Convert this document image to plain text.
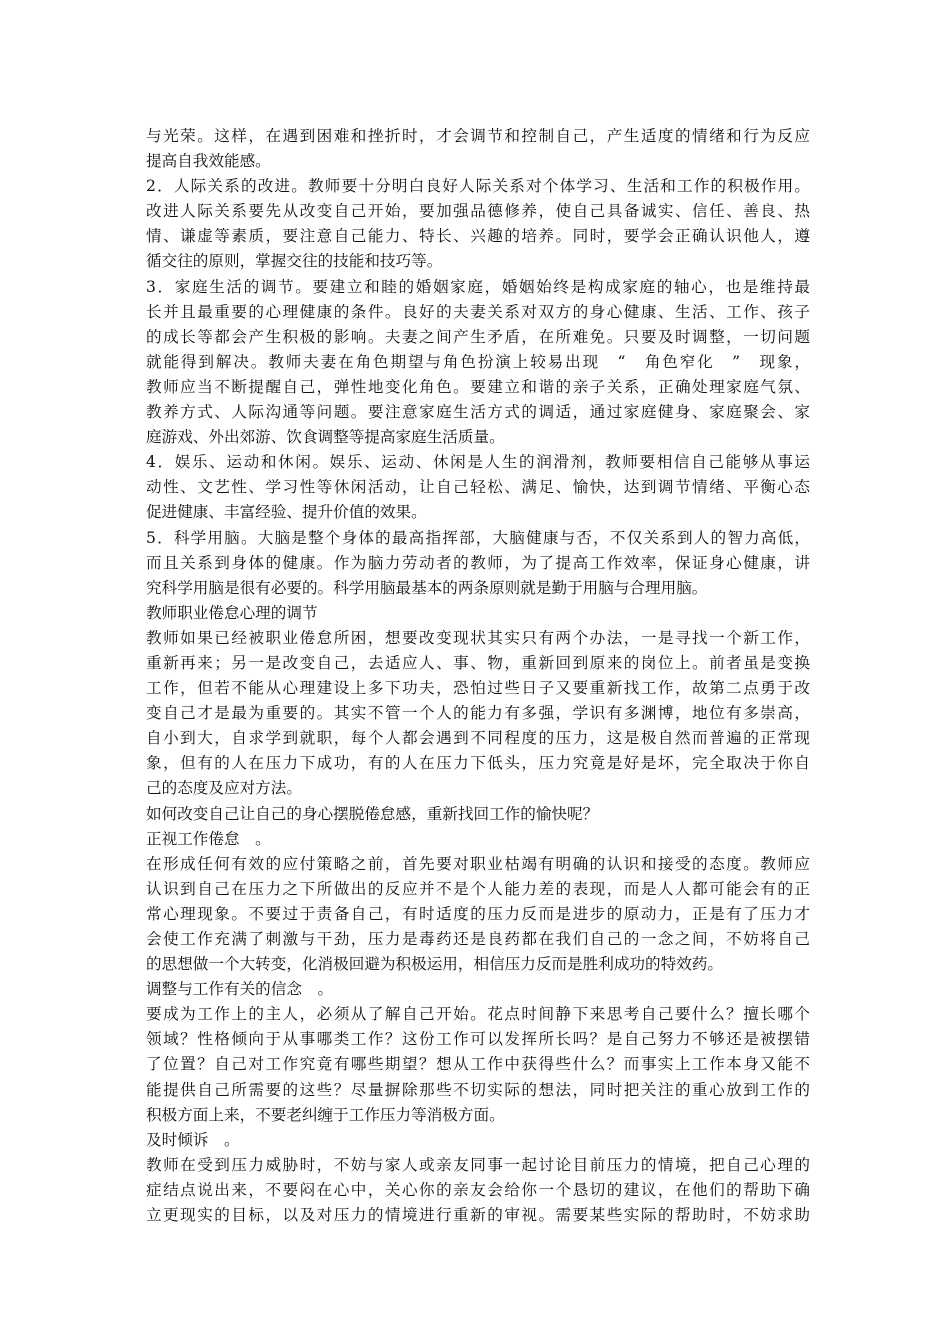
与光荣。这样，在遇到困难和挫折时，才会调节和控制自己，产生适度的情绪和行为反应
提高自我效能感。
2．人际关系的改进。教师要十分明白良好人际关系对个体学习、生活和工作的积极作用。
改进人际关系要先从改变自己开始，要加强品德修养，使自己具备诚实、信任、善良、热
情、谦虚等素质，要注意自己能力、特长、兴趣的培养。同时，要学会正确认识他人，遵
循交往的原则，掌握交往的技能和技巧等。
3．家庭生活的调节。要建立和睦的婚姻家庭，婚姻始终是构成家庭的轴心，也是维持最
长并且最重要的心理健康的条件。良好的夫妻关系对双方的身心健康、生活、工作、孩子
的成长等都会产生积极的影响。夫妻之间产生矛盾，在所难免。只要及时调整，一切问题
就能得到解决。教师夫妻在角色期望与角色扮演上较易出现　“　角色窄化　”　现象，
教师应当不断提醒自己，弹性地变化角色。要建立和谐的亲子关系，正确处理家庭气氛、
教养方式、人际沟通等问题。要注意家庭生活方式的调适，通过家庭健身、家庭聚会、家
庭游戏、外出郊游、饮食调整等提高家庭生活质量。
4．娱乐、运动和休闲。娱乐、运动、休闲是人生的润滑剂，教师要相信自己能够从事运
动性、文艺性、学习性等休闲活动，让自己轻松、满足、愉快，达到调节情绪、平衡心态
促进健康、丰富经验、提升价值的效果。
5．科学用脑。大脑是整个身体的最高指挥部，大脑健康与否，不仅关系到人的智力高低，
而且关系到身体的健康。作为脑力劳动者的教师，为了提高工作效率，保证身心健康，讲
究科学用脑是很有必要的。科学用脑最基本的两条原则就是勤于用脑与合理用脑。
教师职业倦怠心理的调节
教师如果已经被职业倦怠所困，想要改变现状其实只有两个办法，一是寻找一个新工作，
重新再来；另一是改变自己，去适应人、事、物，重新回到原来的岗位上。前者虽是变换
工作，但若不能从心理建设上多下功夫，恐怕过些日子又要重新找工作，故第二点勇于改
变自己才是最为重要的。其实不管一个人的能力有多强，学识有多渊博，地位有多崇高，
自小到大，自求学到就职，每个人都会遇到不同程度的压力，这是极自然而普遍的正常现
象，但有的人在压力下成功，有的人在压力下低头，压力究竟是好是坏，完全取决于你自
己的态度及应对方法。
如何改变自己让自己的身心摆脱倦怠感，重新找回工作的愉快呢？
正视工作倦怠　。
在形成任何有效的应付策略之前，首先要对职业枯竭有明确的认识和接受的态度。教师应
认识到自己在压力之下所做出的反应并不是个人能力差的表现，而是人人都可能会有的正
常心理现象。不要过于责备自己，有时适度的压力反而是进步的原动力，正是有了压力才
会使工作充满了刺激与干劲，压力是毒药还是良药都在我们自己的一念之间，不妨将自己
的思想做一个大转变，化消极回避为积极运用，相信压力反而是胜利成功的特效药。
调整与工作有关的信念　。
要成为工作上的主人，必须从了解自己开始。花点时间静下来思考自己要什么？擅长哪个
领域？性格倾向于从事哪类工作？这份工作可以发挥所长吗？是自己努力不够还是被摆错
了位置？自己对工作究竟有哪些期望？想从工作中获得些什么？而事实上工作本身又能不
能提供自己所需要的这些？尽量摒除那些不切实际的想法，同时把关注的重心放到工作的
积极方面上来，不要老纠缠于工作压力等消极方面。
及时倾诉　。
教师在受到压力威胁时，不妨与家人或亲友同事一起讨论目前压力的情境，把自己心理的
症结点说出来，不要闷在心中，关心你的亲友会给你一个恳切的建议，在他们的帮助下确
立更现实的目标，以及对压力的情境进行重新的审视。需要某些实际的帮助时，不妨求助
